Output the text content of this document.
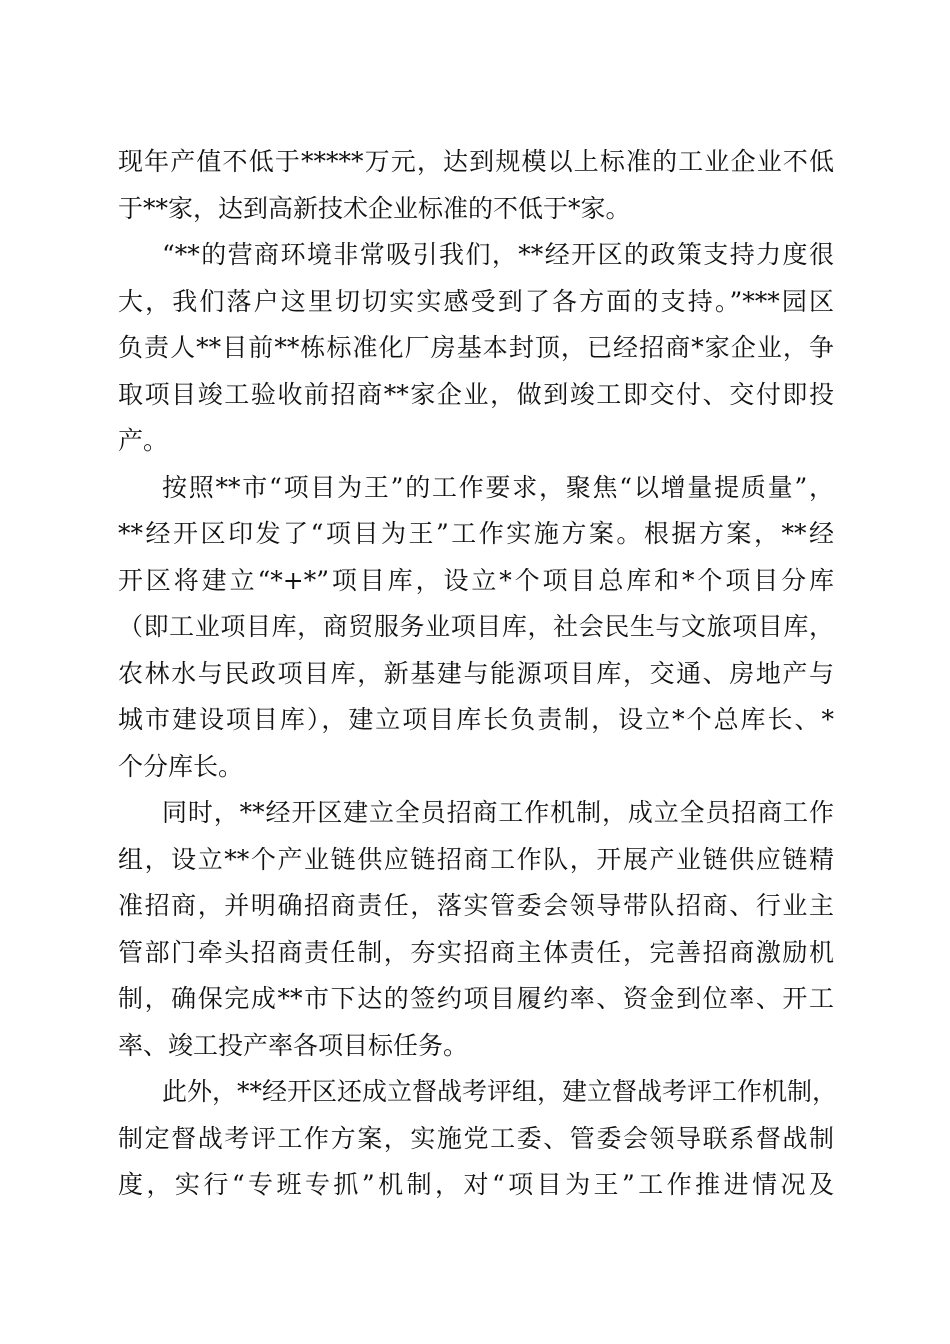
现年产值不低于*****万元，达到规模以上标准的工业企业不低
于**家，达到高新技术企业标准的不低于*家。
“**的营商环境非常吸引我们，**经开区的政策支持力度很
大，我们落户这里切切实实感受到了各方面的支持。”***园区
负责人**目前**栋标准化厂房基本封顶，已经招商*家企业，争
取项目竣工验收前招商**家企业，做到竣工即交付、交付即投
产。
按照**市“项目为王”的工作要求，聚焦“以增量提质量”，
**经开区印发了“项目为王”工作实施方案。根据方案，**经
开区将建立“*+*”项目库，设立*个项目总库和*个项目分库
（即工业项目库，商贸服务业项目库，社会民生与文旅项目库，
农林水与民政项目库，新基建与能源项目库，交通、房地产与
城市建设项目库），建立项目库长负责制，设立*个总库长、*
个分库长。
同时，**经开区建立全员招商工作机制，成立全员招商工作
组，设立**个产业链供应链招商工作队，开展产业链供应链精
准招商，并明确招商责任，落实管委会领导带队招商、行业主
管部门牵头招商责任制，夯实招商主体责任，完善招商激励机
制，确保完成**市下达的签约项目履约率、资金到位率、开工
率、竣工投产率各项目标任务。
此外，**经开区还成立督战考评组，建立督战考评工作机制，
制定督战考评工作方案，实施党工委、管委会领导联系督战制
度，实行“专班专抓”机制，对“项目为王”工作推进情况及
